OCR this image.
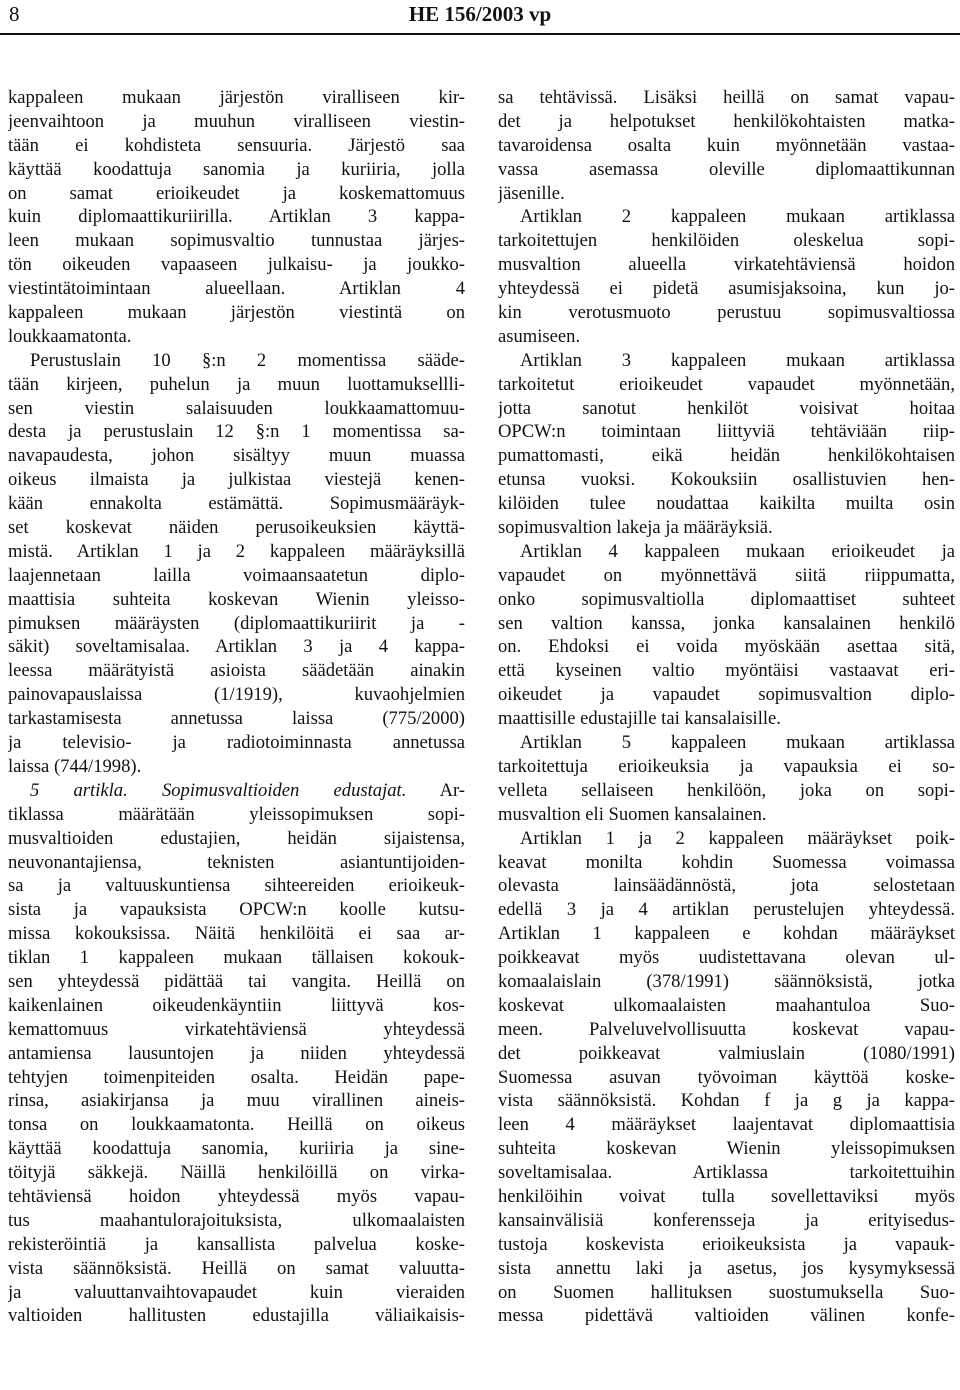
8	HE 156/2003 vp
kappaleen mukaan järjestön viralliseen kir-
jeenvaihtoon ja muuhun viralliseen viestin-
tään ei kohdisteta sensuuria. Järjestö saa
käyttää koodattuja sanomia ja kuriiria, jolla
on samat erioikeudet ja koskemattomuus
kuin diplomaattikuriirilla. Artiklan 3 kappa-
leen mukaan sopimusvaltio tunnustaa järjes-
tön oikeuden vapaaseen julkaisu- ja joukko-
viestintätoimintaan alueellaan. Artiklan 4
kappaleen mukaan järjestön viestintä on
loukkaamatonta.
Perustuslain 10 §:n 2 momentissa sääde-
tään kirjeen, puhelun ja muun luottamuksellli-
sen viestin salaisuuden loukkaamattomuu-
desta ja perustuslain 12 §:n 1 momentissa sa-
navapaudesta, johon sisältyy muun muassa
oikeus ilmaista ja julkistaa viestejä kenen-
kään ennakolta estämättä. Sopimusmääräyk-
set koskevat näiden perusoikeuksien käyttä-
mistä. Artiklan 1 ja 2 kappaleen määräyksillä
laajennetaan lailla voimaansaatetun diplo-
maattisia suhteita koskevan Wienin yleisso-
pimuksen määräysten (diplomaattikuriirit ja -
säkit) soveltamisalaa. Artiklan 3 ja 4 kappa-
leessa määrätyistä asioista säädetään ainakin
painovapauslaissa (1/1919), kuvaohjelmien
tarkastamisesta annetussa laissa (775/2000)
ja televisio- ja radiotoiminnasta annetussa
laissa (744/1998).
5 artikla. Sopimusvaltioiden edustajat. Ar-
tiklassa määrätään yleissopimuksen sopi-
musvaltioiden edustajien, heidän sijaistensa,
neuvonantajiensa, teknisten asiantuntijoiden-
sa ja valtuuskuntiensa sihteereiden erioikeuk-
sista ja vapauksista OPCW:n koolle kutsu-
missa kokouksissa. Näitä henkilöitä ei saa ar-
tiklan 1 kappaleen mukaan tällaisen kokouk-
sen yhteydessä pidättää tai vangita. Heillä on
kaikenlainen oikeudenkäyntiin liittyvä kos-
kemattomuus virkatehtäviensä yhteydessä
antamiensa lausuntojen ja niiden yhteydessä
tehtyjen toimenpiteiden osalta. Heidän pape-
rinsa, asiakirjansa ja muu virallinen aineis-
tonsa on loukkaamatonta. Heillä on oikeus
käyttää koodattuja sanomia, kuriiria ja sine-
töityjä säkkejä. Näillä henkilöillä on virka-
tehtäviensä hoidon yhteydessä myös vapau-
tus maahantulorajoituksista, ulkomaalaisten
rekisteröintiä ja kansallista palvelua koske-
vista säännöksistä. Heillä on samat valuutta-
ja valuuttanvaihtovapaudet kuin vieraiden
valtioiden hallitusten edustajilla väliaikaisis-
sa tehtävissä. Lisäksi heillä on samat vapau-
det ja helpotukset henkilökohtaisten matka-
tavaroidensa osalta kuin myönnetään vastaa-
vassa asemassa oleville diplomaattikunnan
jäsenille.
Artiklan 2 kappaleen mukaan artiklassa
tarkoitettujen henkilöiden oleskelua sopi-
musvaltion alueella virkatehtäviensä hoidon
yhteydessä ei pidetä asumisjaksoina, kun jo-
kin verotusmuoto perustuu sopimusvaltiossa
asumiseen.
Artiklan 3 kappaleen mukaan artiklassa
tarkoitetut erioikeudet vapaudet myönnetään,
jotta sanotut henkilöt voisivat hoitaa
OPCW:n toimintaan liittyviä tehtäviään riip-
pumattomasti, eikä heidän henkilökohtaisen
etunsa vuoksi. Kokouksiin osallistuvien hen-
kilöiden tulee noudattaa kaikilta muilta osin
sopimusvaltion lakeja ja määräyksiä.
Artiklan 4 kappaleen mukaan erioikeudet ja
vapaudet on myönnettävä siitä riippumatta,
onko sopimusvaltiolla diplomaattiset suhteet
sen valtion kanssa, jonka kansalainen henkilö
on. Ehdoksi ei voida myöskään asettaa sitä,
että kyseinen valtio myöntäisi vastaavat eri-
oikeudet ja vapaudet sopimusvaltion diplo-
maattisille edustajille tai kansalaisille.
Artiklan 5 kappaleen mukaan artiklassa
tarkoitettuja erioikeuksia ja vapauksia ei so-
velleta sellaiseen henkilöön, joka on sopi-
musvaltion eli Suomen kansalainen.
Artiklan 1 ja 2 kappaleen määräykset poik-
keavat monilta kohdin Suomessa voimassa
olevasta lainsäädännöstä, jota selostetaan
edellä 3 ja 4 artiklan perustelujen yhteydessä.
Artiklan 1 kappaleen e kohdan määräykset
poikkeavat myös uudistettavana olevan ul-
komaalaislain (378/1991) säännöksistä, jotka
koskevat ulkomaalaisten maahantuloa Suo-
meen. Palveluvelvollisuutta koskevat vapau-
det poikkeavat valmiuslain (1080/1991)
Suomessa asuvan työvoiman käyttöä koske-
vista säännöksistä. Kohdan f ja g ja kappa-
leen 4 määräykset laajentavat diplomaattisia
suhteita koskevan Wienin yleissopimuksen
soveltamisalaa. Artiklassa tarkoitettuihin
henkilöihin voivat tulla sovellettaviksi myös
kansainvälisiä konferensseja ja erityisedus-
tustoja koskevista erioikeuksista ja vapauk-
sista annettu laki ja asetus, jos kysymyksessä
on Suomen hallituksen suostumuksella Suo-
messa pidettävä valtioiden välinen konfe-
